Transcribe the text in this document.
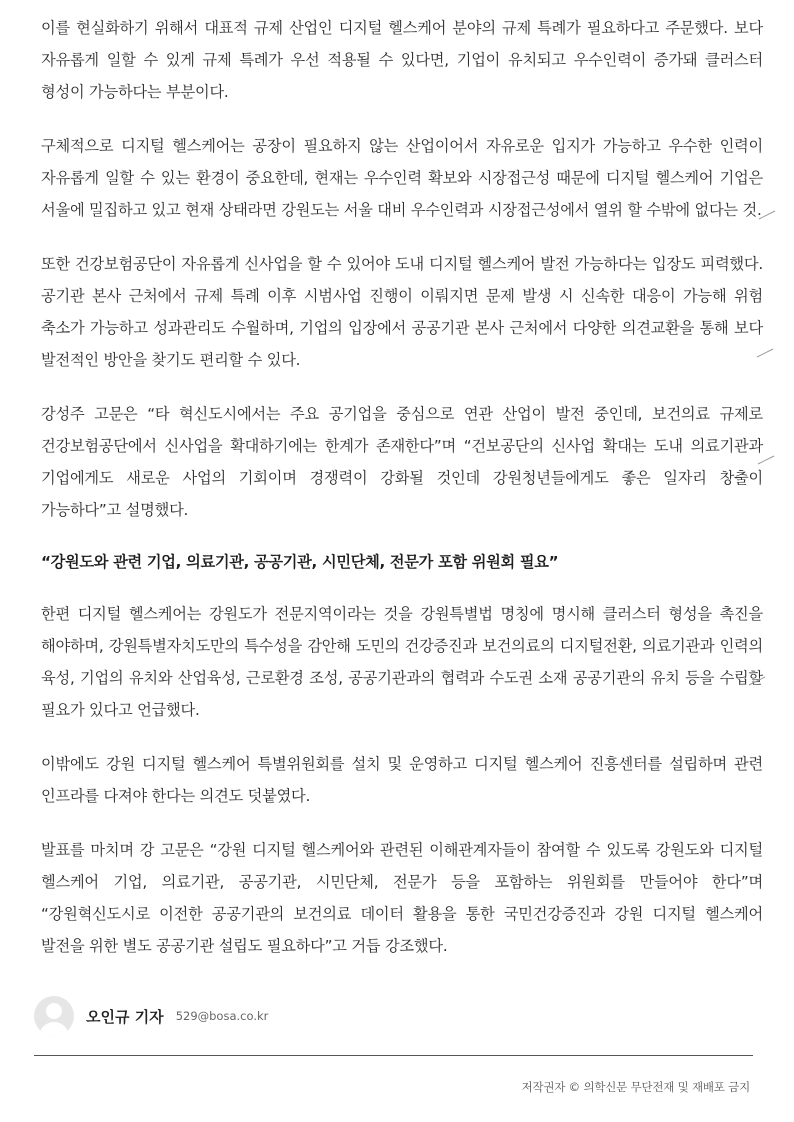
이를 현실화하기 위해서 대표적 규제 산업인 디지털 헬스케어 분야의 규제 특례가 필요하다고 주문했다. 보다 자유롭게 일할 수 있게 규제 특례가 우선 적용될 수 있다면, 기업이 유치되고 우수인력이 증가돼 클러스터 형성이 가능하다는 부분이다.

구체적으로 디지털 헬스케어는 공장이 필요하지 않는 산업이어서 자유로운 입지가 가능하고 우수한 인력이 자유롭게 일할 수 있는 환경이 중요한데, 현재는 우수인력 확보와 시장접근성 때문에 디지털 헬스케어 기업은 서울에 밀집하고 있고 현재 상태라면 강원도는 서울 대비 우수인력과 시장접근성에서 열위 할 수밖에 없다는 것.

또한 건강보험공단이 자유롭게 신사업을 할 수 있어야 도내 디지털 헬스케어 발전 가능하다는 입장도 피력했다. 공기관 본사 근처에서 규제 특례 이후 시범사업 진행이 이뤄지면 문제 발생 시 신속한 대응이 가능해 위험 축소가 가능하고 성과관리도 수월하며, 기업의 입장에서 공공기관 본사 근처에서 다양한 의견교환을 통해 보다 발전적인 방안을 찾기도 편리할 수 있다.

강성주 고문은 “타 혁신도시에서는 주요 공기업을 중심으로 연관 산업이 발전 중인데, 보건의료 규제로 건강보험공단에서 신사업을 확대하기에는 한계가 존재한다”며 “건보공단의 신사업 확대는 도내 의료기관과 기업에게도 새로운 사업의 기회이며 경쟁력이 강화될 것인데 강원청년들에게도 좋은 일자리 창출이 가능하다”고 설명했다.

“강원도와 관련 기업, 의료기관, 공공기관, 시민단체, 전문가 포함 위원회 필요”

한편 디지털 헬스케어는 강원도가 전문지역이라는 것을 강원특별법 명칭에 명시해 클러스터 형성을 촉진을 해야하며, 강원특별자치도만의 특수성을 감안해 도민의 건강증진과 보건의료의 디지털전환, 의료기관과 인력의 육성, 기업의 유치와 산업육성, 근로환경 조성, 공공기관과의 협력과 수도권 소재 공공기관의 유치 등을 수립할 필요가 있다고 언급했다.

이밖에도 강원 디지털 헬스케어 특별위원회를 설치 및 운영하고 디지털 헬스케어 진흥센터를 설립하며 관련 인프라를 다져야 한다는 의견도 덧붙였다.

발표를 마치며 강 고문은 “강원 디지털 헬스케어와 관련된 이해관계자들이 참여할 수 있도록 강원도와 디지털 헬스케어 기업, 의료기관, 공공기관, 시민단체, 전문가 등을 포함하는 위원회를 만들어야 한다”며 “강원혁신도시로 이전한 공공기관의 보건의료 데이터 활용을 통한 국민건강증진과 강원 디지털 헬스케어 발전을 위한 별도 공공기관 설립도 필요하다”고 거듭 강조했다.

오인규 기자 529@bosa.co.kr
저작권자 © 의학신문 무단전재 및 재배포 금지
